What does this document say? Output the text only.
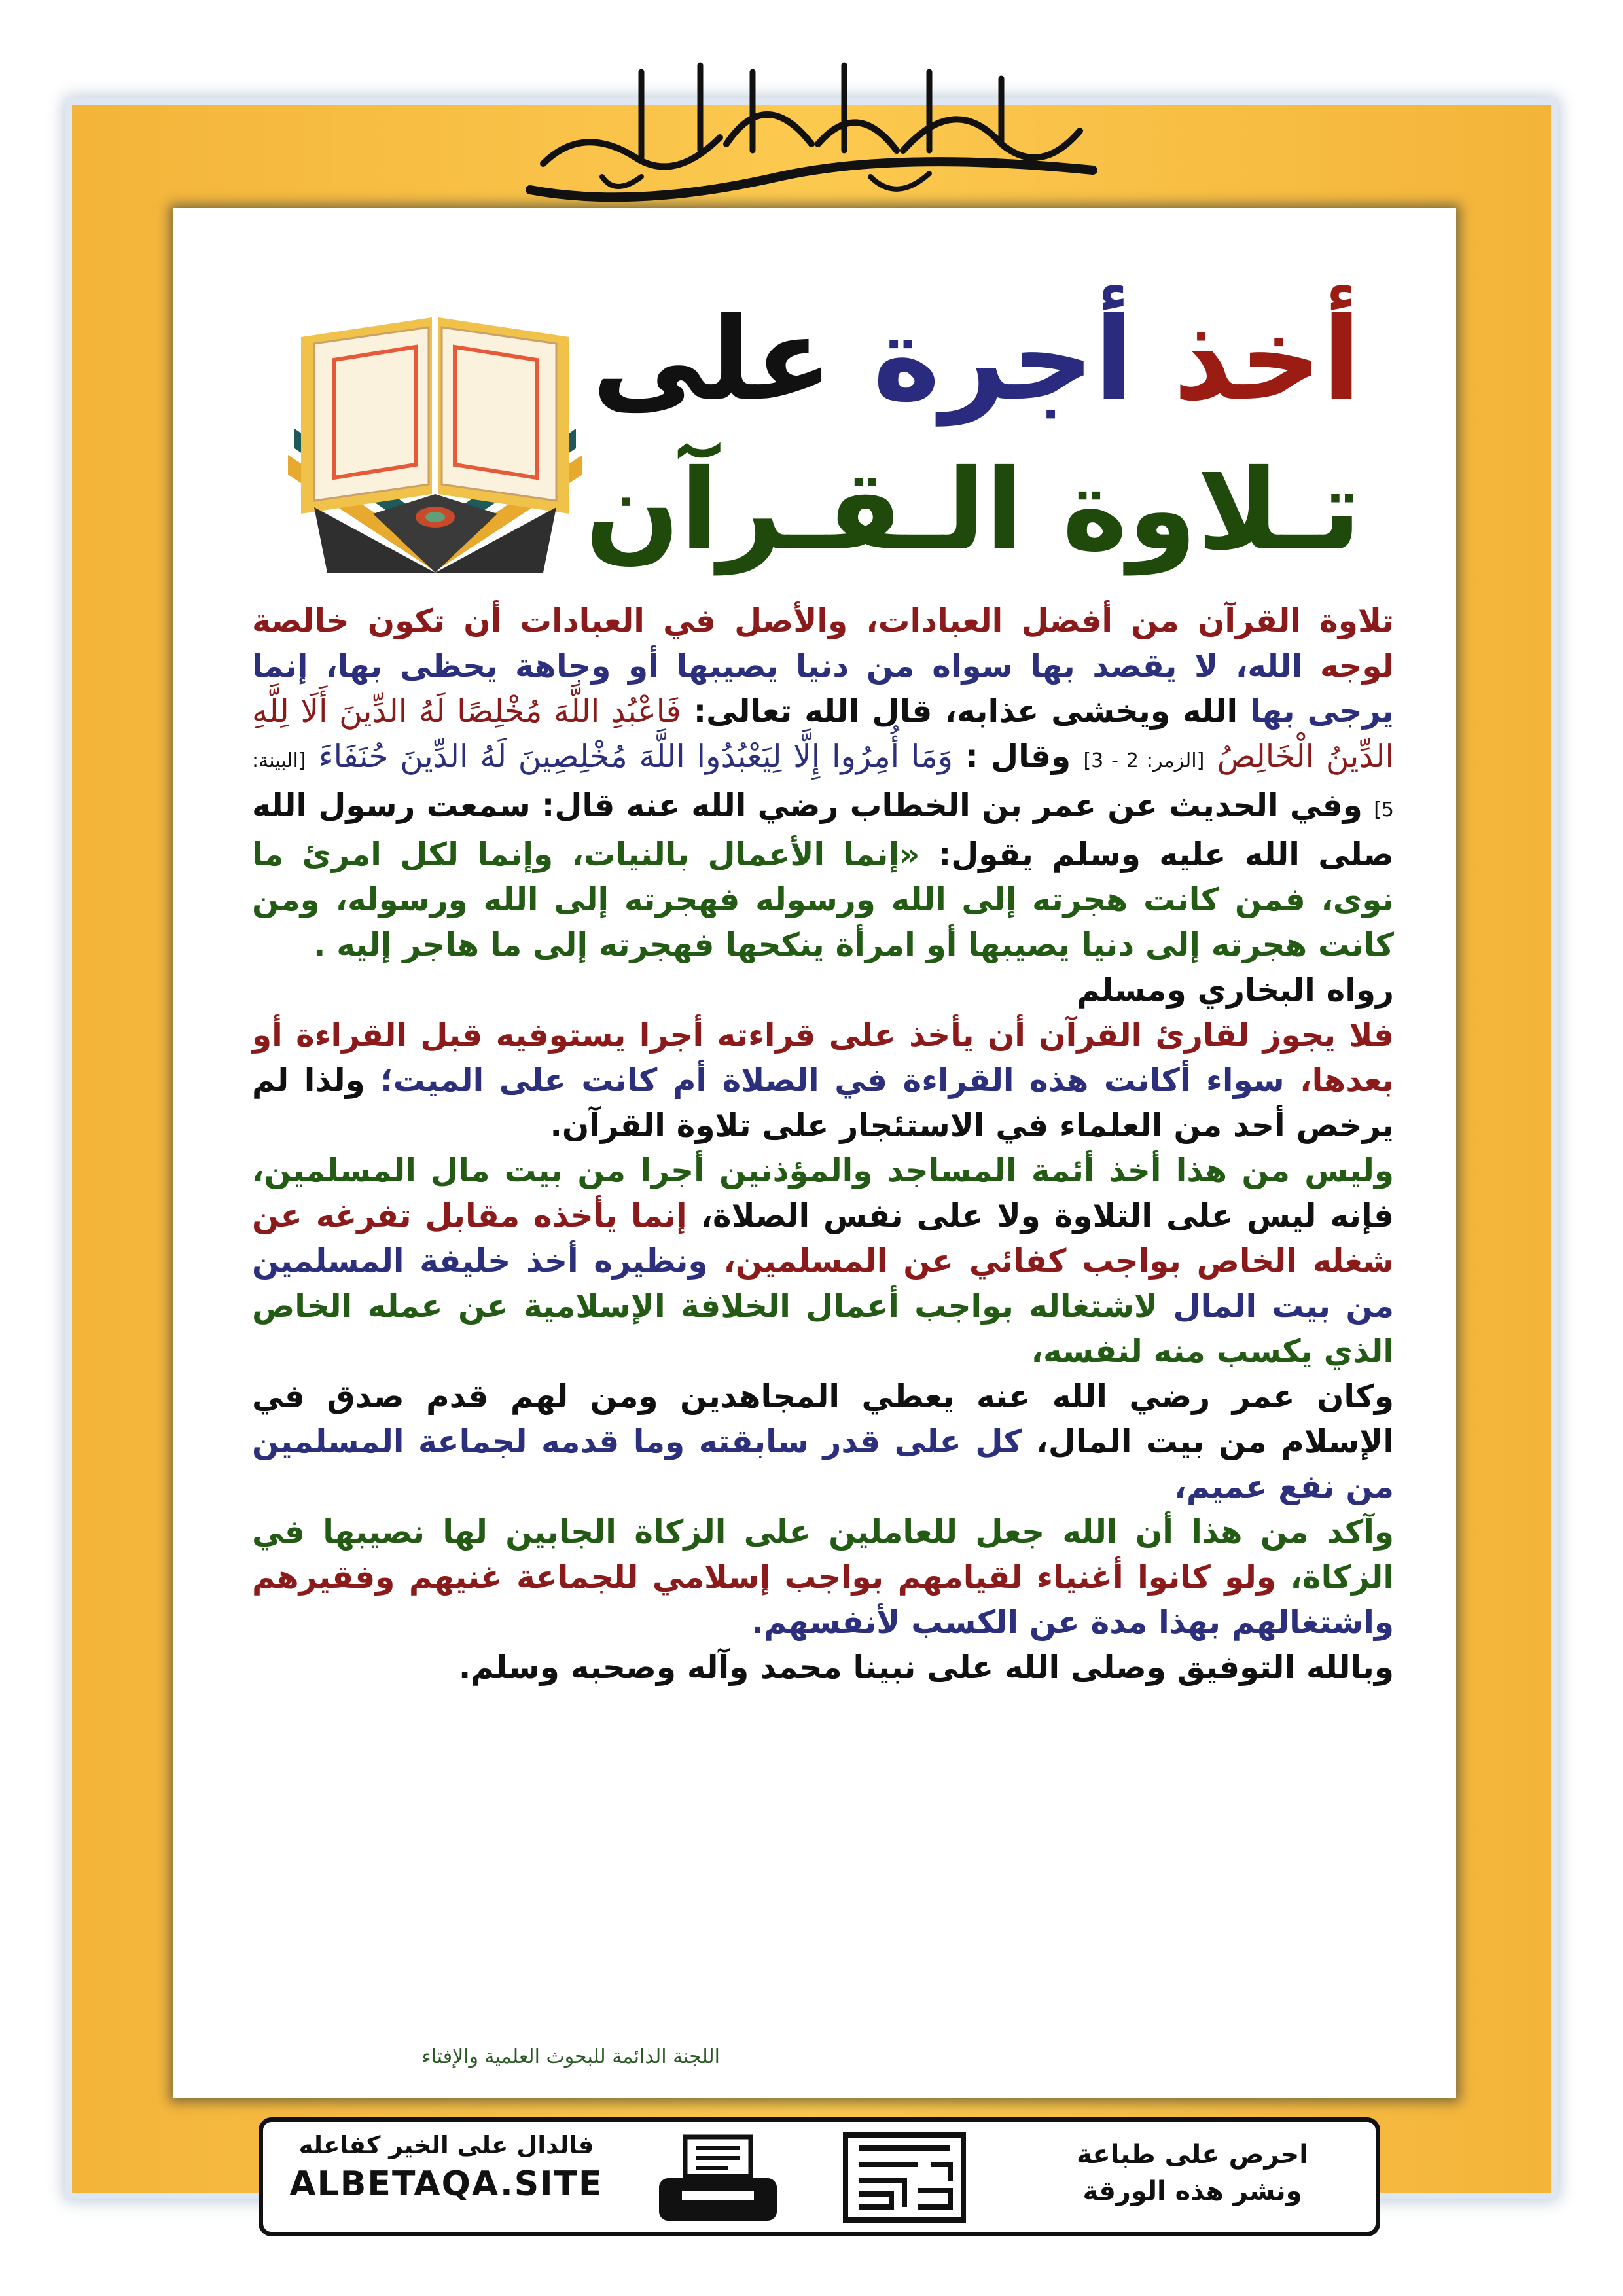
أخذ أجرة على
تـلاوة الـقـرآن

تلاوة القرآن من أفضل العبادات، والأصل في العبادات أن تكون خالصة لوجه الله، لا يقصد بها سواه من دنيا يصيبها أو وجاهة يحظى بها، إنما يرجى بها الله ويخشى عذابه، قال الله تعالى: فَاعْبُدِ اللَّهَ مُخْلِصًا لَهُ الدِّينَ أَلَا لِلَّهِ الدِّينُ الْخَالِصُ [الزمر: 2 - 3] وقال : وَمَا أُمِرُوا إِلَّا لِيَعْبُدُوا اللَّهَ مُخْلِصِينَ لَهُ الدِّينَ حُنَفَاءَ [البينة: 5] وفي الحديث عن عمر بن الخطاب رضي الله عنه قال: سمعت رسول الله صلى الله عليه وسلم يقول: «إنما الأعمال بالنيات، وإنما لكل امرئ ما نوى، فمن كانت هجرته إلى الله ورسوله فهجرته إلى الله ورسوله، ومن كانت هجرته إلى دنيا يصيبها أو امرأة ينكحها فهجرته إلى ما هاجر إليه .

رواه البخاري ومسلم

فلا يجوز لقارئ القرآن أن يأخذ على قراءته أجرا يستوفيه قبل القراءة أو بعدها، سواء أكانت هذه القراءة في الصلاة أم كانت على الميت؛ ولذا لم يرخص أحد من العلماء في الاستئجار على تلاوة القرآن.

وليس من هذا أخذ أئمة المساجد والمؤذنين أجرا من بيت مال المسلمين، فإنه ليس على التلاوة ولا على نفس الصلاة، إنما يأخذه مقابل تفرغه عن شغله الخاص بواجب كفائي عن المسلمين، ونظيره أخذ خليفة المسلمين من بيت المال لاشتغاله بواجب أعمال الخلافة الإسلامية عن عمله الخاص الذي يكسب منه لنفسه،

وكان عمر رضي الله عنه يعطي المجاهدين ومن لهم قدم صدق في الإسلام من بيت المال، كل على قدر سابقته وما قدمه لجماعة المسلمين من نفع عميم،

وآكد من هذا أن الله جعل للعاملين على الزكاة الجابين لها نصيبها في الزكاة، ولو كانوا أغنياء لقيامهم بواجب إسلامي للجماعة غنيهم وفقيرهم واشتغالهم بهذا مدة عن الكسب لأنفسهم.

وبالله التوفيق وصلى الله على نبينا محمد وآله وصحبه وسلم.

اللجنة الدائمة للبحوث العلمية والإفتاء
فالدال على الخير كفاعله
ALBETAQA.SITE
احرص على طباعة
ونشر هذه الورقة
